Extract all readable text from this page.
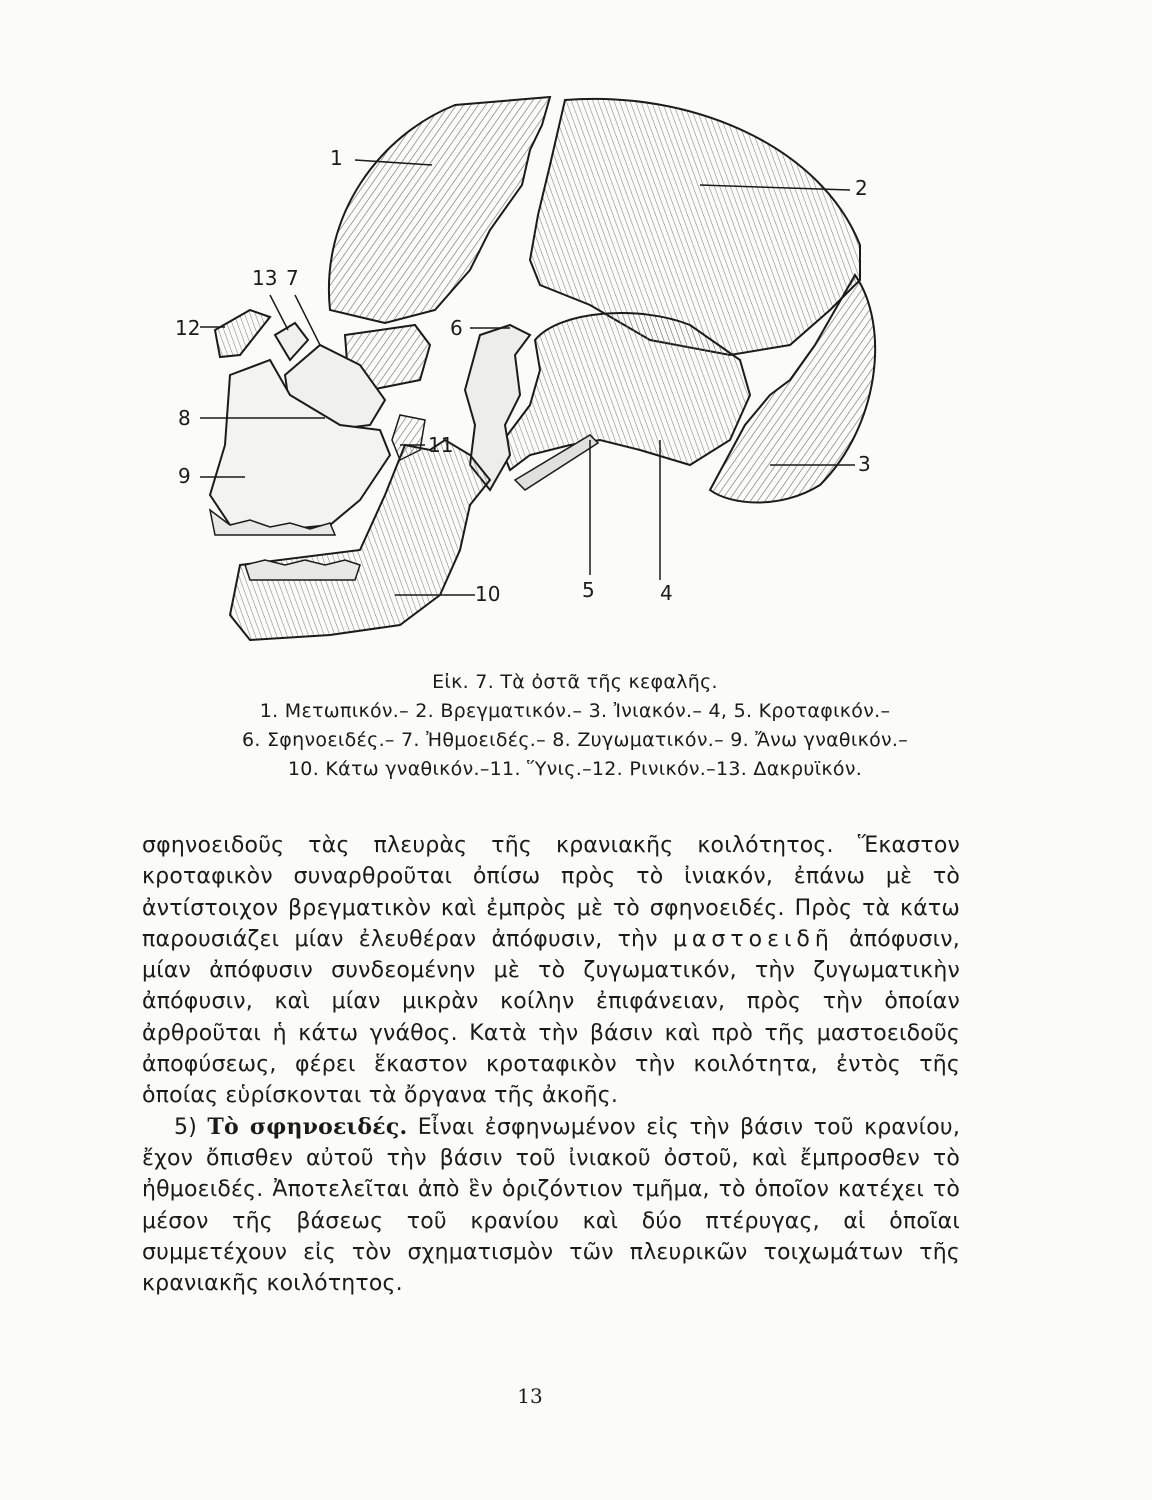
1
2
3
4
5
6
7
8
9
10
11
12
13
Εἰκ. 7. Τὰ ὀστᾶ τῆς κεφαλῆς.
1. Μετωπικόν.– 2. Βρεγματικόν.– 3. Ἰνιακόν.– 4, 5. Κροταφικόν.–
6. Σφηνοειδές.– 7. Ἠθμοειδές.– 8. Ζυγωματικόν.– 9. Ἄνω γναθικόν.–
10. Κάτω γναθικόν.–11. Ὕνις.–12. Ρινικόν.–13. Δακρυϊκόν.

σφηνοειδοῦς τὰς πλευρὰς τῆς κρανιακῆς κοιλότητος. Ἕκαστον κροταφικὸν συναρθροῦται ὀπίσω πρὸς τὸ ἰνιακόν, ἐπάνω μὲ τὸ ἀντίστοιχον βρεγματικὸν καὶ ἐμπρὸς μὲ τὸ σφηνοειδές. Πρὸς τὰ κάτω παρουσιάζει μίαν ἐλευθέραν ἀπόφυσιν, τὴν μαστοειδῆ ἀπόφυσιν, μίαν ἀπόφυσιν συνδεομένην μὲ τὸ ζυγωματικόν, τὴν ζυγωματικὴν ἀπόφυσιν, καὶ μίαν μικρὰν κοίλην ἐπιφάνειαν, πρὸς τὴν ὁποίαν ἀρθροῦται ἡ κάτω γνάθος. Κατὰ τὴν βάσιν καὶ πρὸ τῆς μαστοειδοῦς ἀποφύσεως, φέρει ἕκαστον κροταφικὸν τὴν κοιλότητα, ἐντὸς τῆς ὁποίας εὑρίσκονται τὰ ὄργανα τῆς ἀκοῆς.

5) Τὸ σφηνοειδές. Εἶναι ἐσφηνωμένον εἰς τὴν βάσιν τοῦ κρανίου, ἔχον ὄπισθεν αὐτοῦ τὴν βάσιν τοῦ ἰνιακοῦ ὀστοῦ, καὶ ἔμπροσθεν τὸ ἠθμοειδές. Ἀποτελεῖται ἀπὸ ἓν ὁριζόντιον τμῆμα, τὸ ὁποῖον κατέχει τὸ μέσον τῆς βάσεως τοῦ κρανίου καὶ δύο πτέρυγας, αἱ ὁποῖαι συμμετέχουν εἰς τὸν σχηματισμὸν τῶν πλευρικῶν τοιχωμάτων τῆς κρανιακῆς κοιλότητος.

13
